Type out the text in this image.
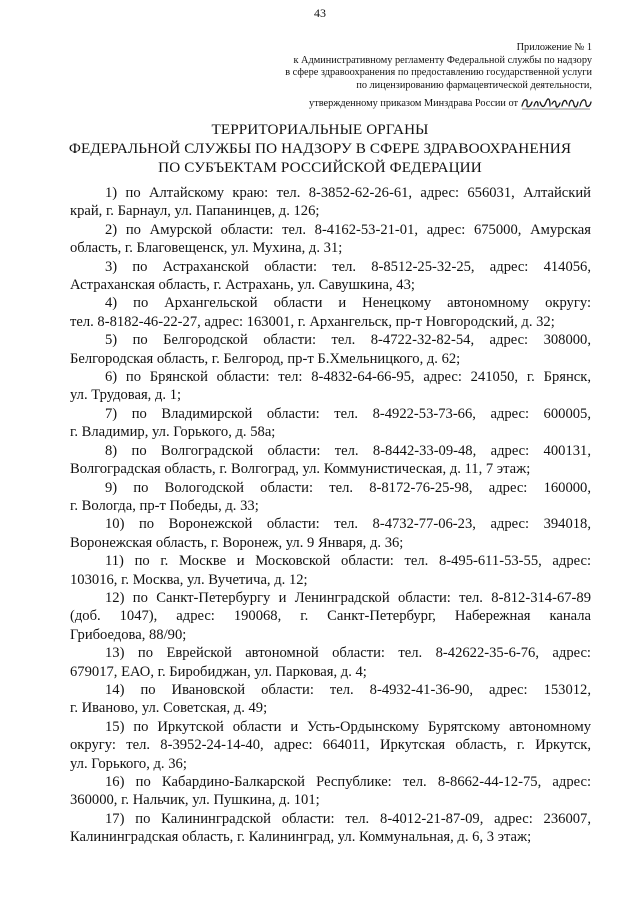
43
Приложение № 1
к Административному регламенту Федеральной службы по надзору
в сфере здравоохранения по предоставлению государственной услуги
по лицензированию фармацевтической деятельности,
утвержденному приказом Минздрава России от
ТЕРРИТОРИАЛЬНЫЕ ОРГАНЫ
ФЕДЕРАЛЬНОЙ СЛУЖБЫ ПО НАДЗОРУ В СФЕРЕ ЗДРАВООХРАНЕНИЯ
ПО СУБЪЕКТАМ РОССИЙСКОЙ ФЕДЕРАЦИИ
1) по Алтайскому краю: тел. 8-3852-62-26-61, адрес: 656031, Алтайский
край, г. Барнаул, ул. Папанинцев, д. 126;
2) по Амурской области: тел. 8-4162-53-21-01, адрес: 675000, Амурская
область, г. Благовещенск, ул. Мухина, д. 31;
3) по Астраханской области: тел. 8-8512-25-32-25, адрес: 414056,
Астраханская область, г. Астрахань, ул. Савушкина, 43;
4) по Архангельской области и Ненецкому автономному округу:
тел. 8-8182-46-22-27, адрес: 163001, г. Архангельск, пр-т Новгородский, д. 32;
5) по Белгородской области: тел. 8-4722-32-82-54, адрес: 308000,
Белгородская область, г. Белгород, пр-т Б.Хмельницкого, д. 62;
6) по Брянской области: тел: 8-4832-64-66-95, адрес: 241050, г. Брянск,
ул. Трудовая, д. 1;
7) по Владимирской области: тел. 8-4922-53-73-66, адрес: 600005,
г. Владимир, ул. Горького, д. 58а;
8) по Волгоградской области: тел. 8-8442-33-09-48, адрес: 400131,
Волгоградская область, г. Волгоград, ул. Коммунистическая, д. 11, 7 этаж;
9) по Вологодской области: тел. 8-8172-76-25-98, адрес: 160000,
г. Вологда, пр-т Победы, д. 33;
10) по Воронежской области: тел. 8-4732-77-06-23, адрес: 394018,
Воронежская область, г. Воронеж, ул. 9 Января, д. 36;
11) по г. Москве и Московской области: тел. 8-495-611-53-55, адрес:
103016, г. Москва, ул. Вучетича, д. 12;
12) по Санкт-Петербургу и Ленинградской области: тел. 8-812-314-67-89
(доб. 1047), адрес: 190068, г. Санкт-Петербург, Набережная канала
Грибоедова, 88/90;
13) по Еврейской автономной области: тел. 8-42622-35-6-76, адрес:
679017, ЕАО, г. Биробиджан, ул. Парковая, д. 4;
14) по Ивановской области: тел. 8-4932-41-36-90, адрес: 153012,
г. Иваново, ул. Советская, д. 49;
15) по Иркутской области и Усть-Ордынскому Бурятскому автономному
округу: тел. 8-3952-24-14-40, адрес: 664011, Иркутская область, г. Иркутск,
ул. Горького, д. 36;
16) по Кабардино-Балкарской Республике: тел. 8-8662-44-12-75, адрес:
360000, г. Нальчик, ул. Пушкина, д. 101;
17) по Калининградской области: тел. 8-4012-21-87-09, адрес: 236007,
Калининградская область, г. Калининград, ул. Коммунальная, д. 6, 3 этаж;
